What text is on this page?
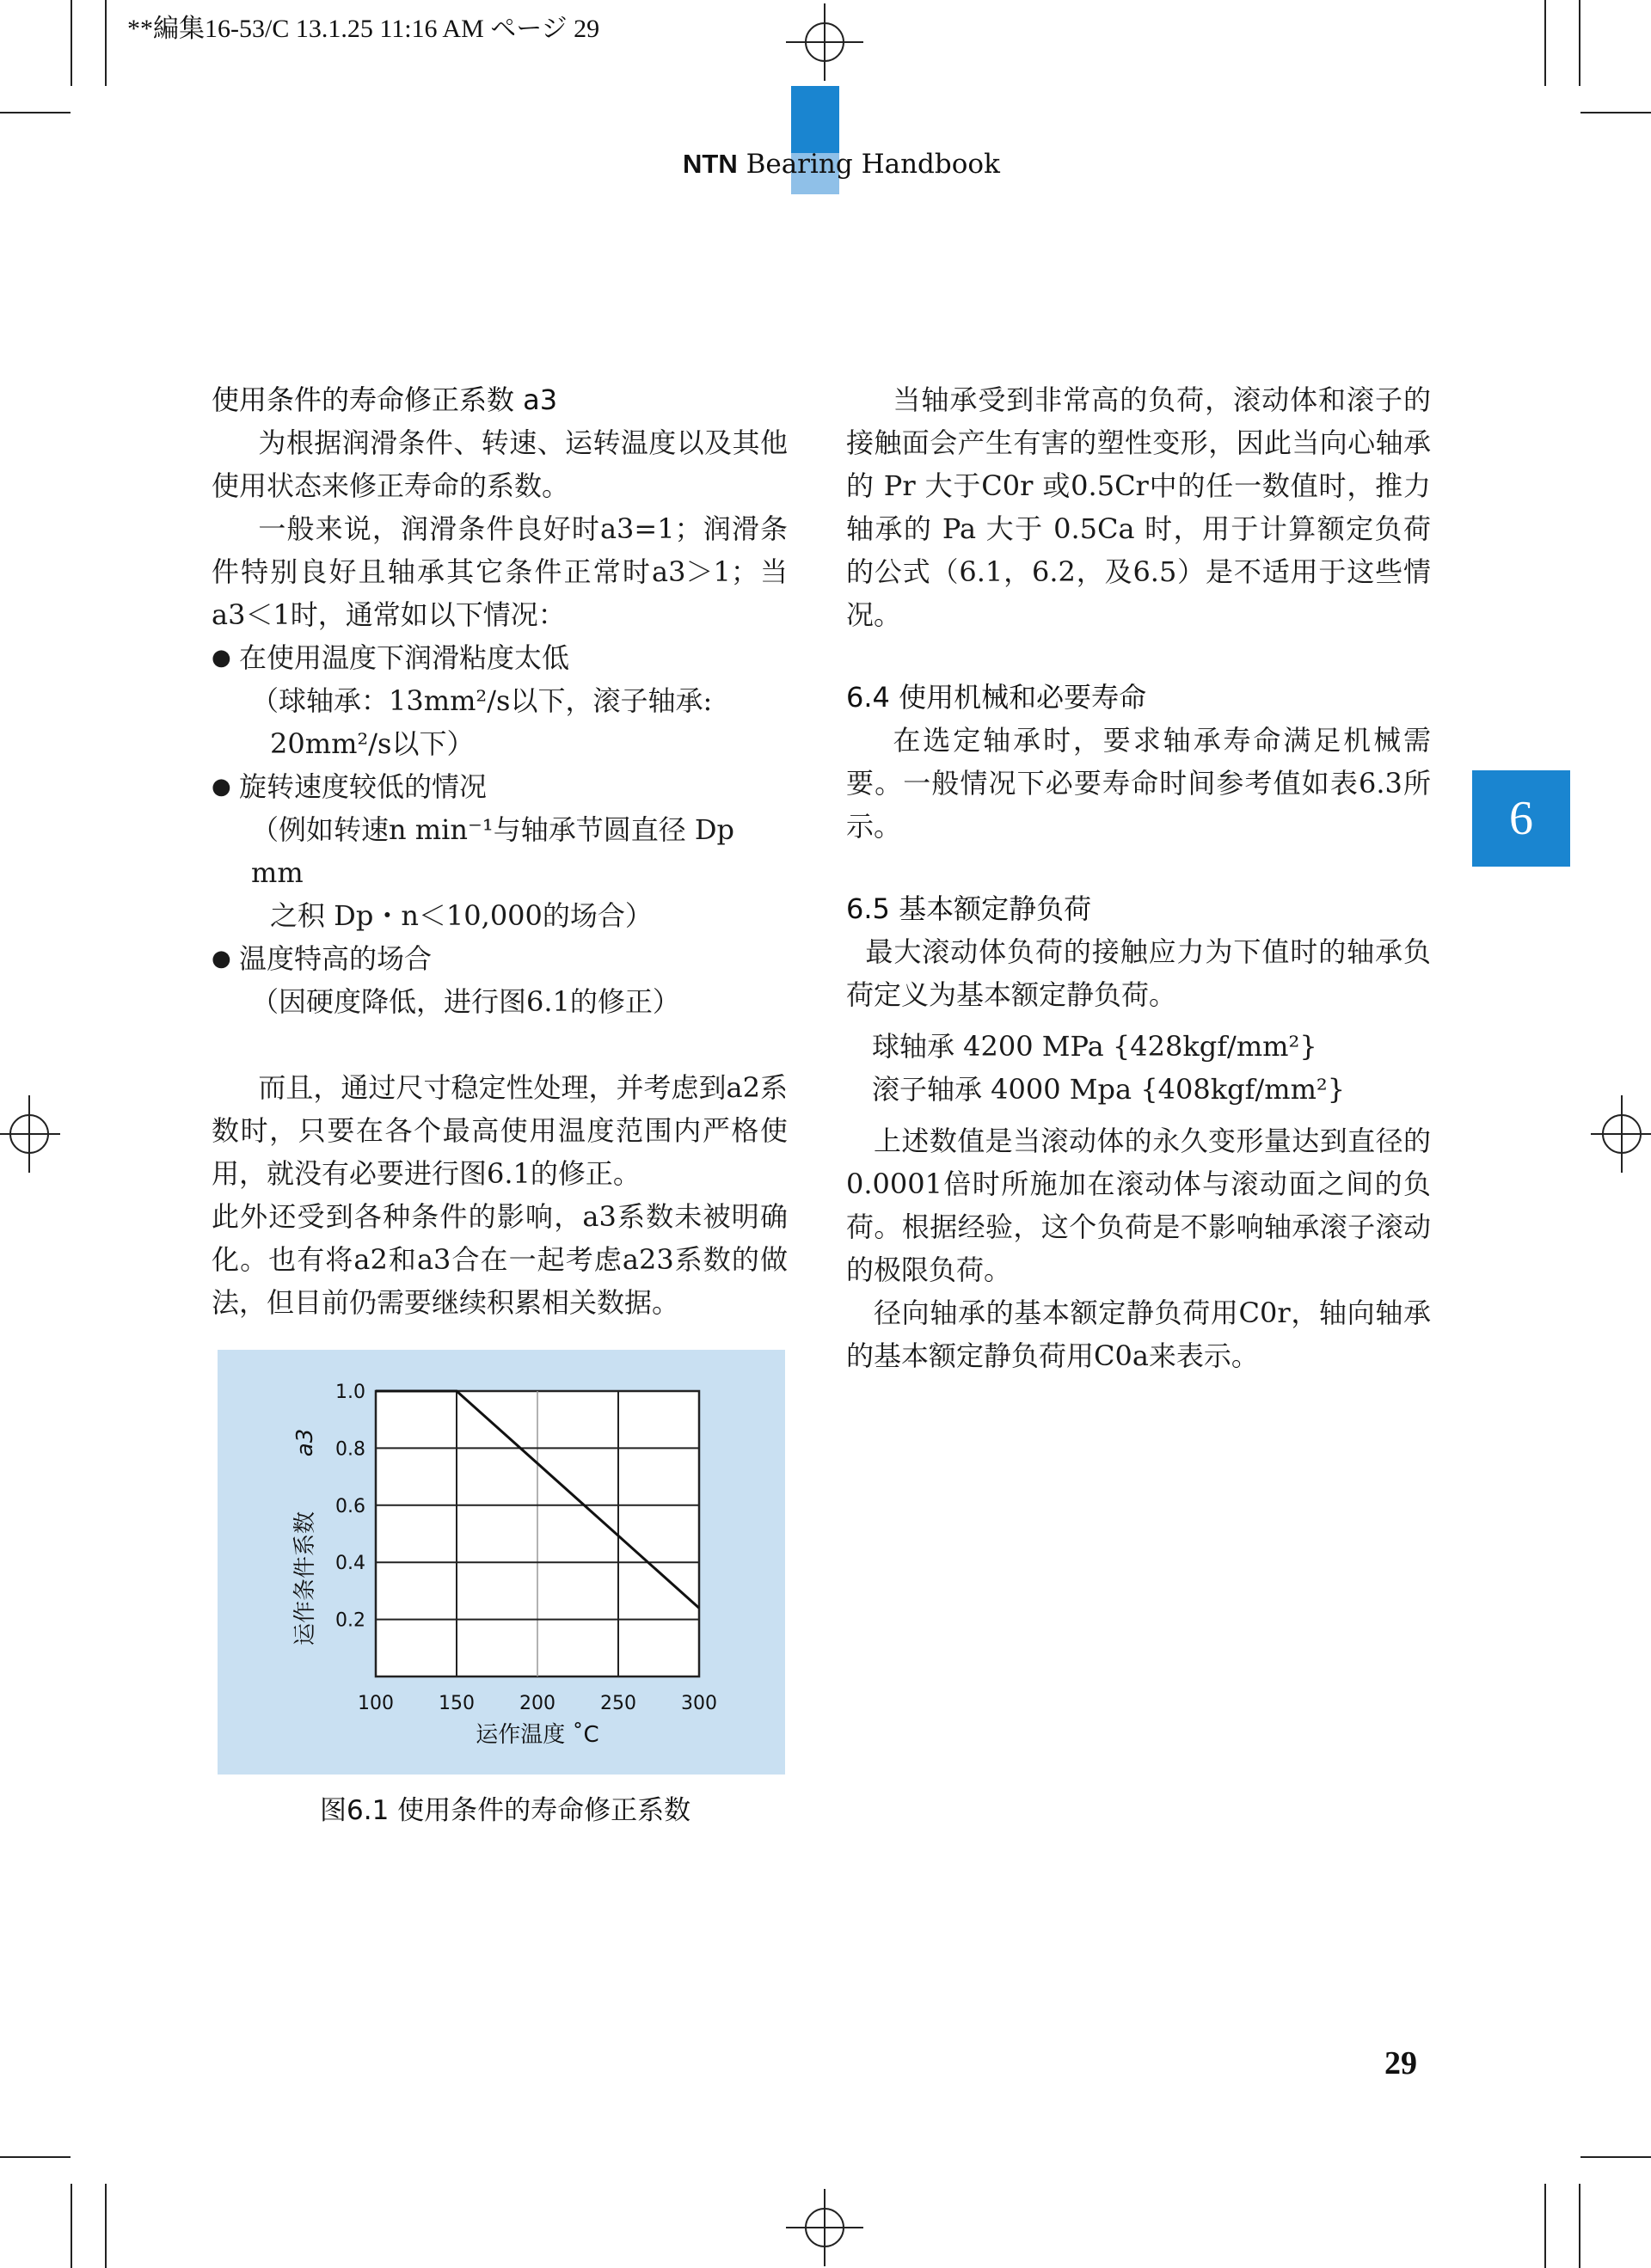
**編集16-53/C 13.1.25 11:16 AM ページ 29
NTN Bearing Handbook
6

使用条件的寿命修正系数 a3

为根据润滑条件、转速、运转温度以及其他使用状态来修正寿命的系数。

一般来说，润滑条件良好时a3=1；润滑条件特别良好且轴承其它条件正常时a3＞1；当a3＜1时，通常如以下情况：

● 在使用温度下润滑粘度太低

（球轴承：13mm²/s以下，滚子轴承:

20mm²/s以下）

● 旋转速度较低的情况

（例如转速n min⁻¹与轴承节圆直径 Dp mm

之积 Dp・n＜10,000的场合）

● 温度特高的场合

（因硬度降低，进行图6.1的修正）

而且，通过尺寸稳定性处理，并考虑到a2系数时，只要在各个最高使用温度范围内严格使用，就没有必要进行图6.1的修正。

此外还受到各种条件的影响，a3系数未被明确化。也有将a2和a3合在一起考虑a23系数的做法，但目前仍需要继续积累相关数据。

当轴承受到非常高的负荷，滚动体和滚子的接触面会产生有害的塑性变形，因此当向心轴承的 Pr 大于C0r 或0.5Cr中的任一数值时，推力轴承的 Pa 大于 0.5Ca 时，用于计算额定负荷的公式（6.1，6.2，及6.5）是不适用于这些情况。

6.4 使用机械和必要寿命

在选定轴承时，要求轴承寿命满足机械需要。一般情况下必要寿命时间参考值如表6.3所示。

6.5 基本额定静负荷

最大滚动体负荷的接触应力为下值时的轴承负荷定义为基本额定静负荷。

球轴承 4200 MPa {428kgf/mm²}

滚子轴承 4000 Mpa {408kgf/mm²}

上述数值是当滚动体的永久变形量达到直径的0.0001倍时所施加在滚动体与滚动面之间的负荷。根据经验，这个负荷是不影响轴承滚子滚动的极限负荷。

径向轴承的基本额定静负荷用C0r，轴向轴承的基本额定静负荷用C0a来表示。

100 150 200 250 300
0.2
0.4
0.6
0.8
1.0
运作温度 ˚C
运作条件系数
a3
图6.1 使用条件的寿命修正系数
29
